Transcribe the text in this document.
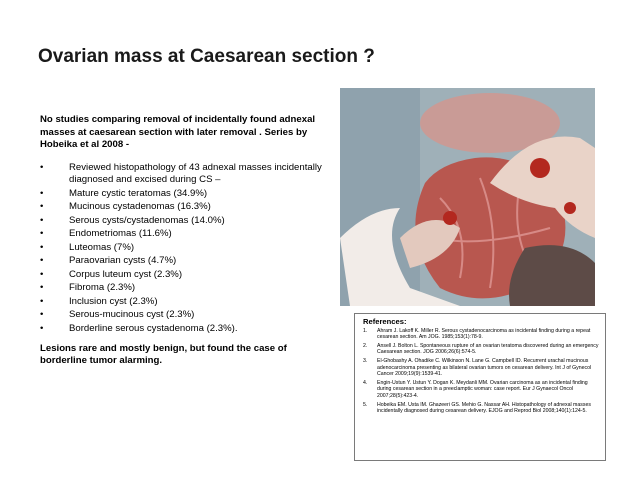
Ovarian mass at Caesarean section ?
No studies comparing removal of incidentally found adnexal masses at caesarean section with later removal . Series by Hobeika et al 2008 -
•	Reviewed histopathology of 43 adnexal masses incidentally diagnosed and excised during CS –
•	Mature cystic teratomas (34.9%)
•	Mucinous cystadenomas (16.3%)
•	Serous cysts/cystadenomas (14.0%)
•	Endometriomas (11.6%)
•	Luteomas (7%)
•	Paraovarian cysts (4.7%)
•	Corpus luteum cyst (2.3%)
•	Fibroma (2.3%)
•	Inclusion cyst (2.3%)
•	Serous-mucinous cyst (2.3%)
•	Borderline serous cystadenoma (2.3%).
Lesions rare and mostly benign, but found the case of borderline tumor alarming.
References:
1. Ahram J. Lakoff K. Miller R. Serous cystadenocarcinoma as incidental finding during a repeat cesarean section. Am JOG. 1985;153(1):78-9.
2. Ansell J. Bolton L. Spontaneous rupture of an ovarian teratoma discovered during an emergency Caesarean section. JOG 2006;26(6):574-5.
3. El-Ghobashy A. Ohadike C. Wilkinson N. Lane G. Campbell ID. Recurrent urachal mucinous adenocarcinoma presenting as bilateral ovarian tumors on cesarean delivery. Int J of Gynecol Cancer 2009;19(9):1539-41.
4. Engin-Ustun Y. Ustun Y. Dogan K. Meydanli MM. Ovarian carcinoma as an incidental finding during cesarean section in a preeclamptic woman: case report. Eur J Gynaecol Oncol 2007;28(5):423-4.
5. Hobeika EM. Usta IM. Ghazeeri GS. Mehio G. Nassar AH. Histopathology of adnexal masses incidentally diagnosed during cesarean delivery. EJOG and Reprod Biol 2008;140(1):124-5.
